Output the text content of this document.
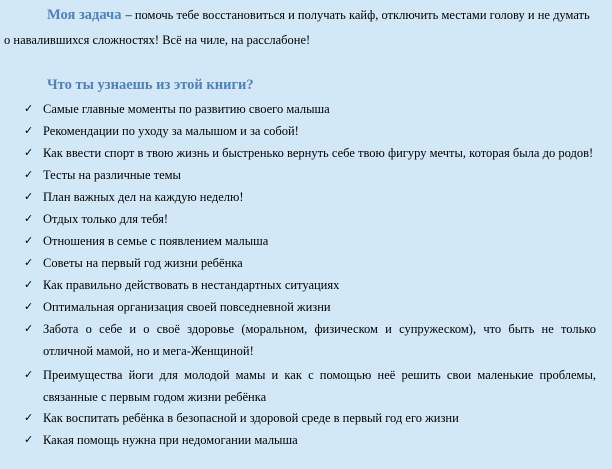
Моя задача – помочь тебе восстановиться и получать кайф, отключить местами голову и не думать
о навалившихся сложностях! Всё на чиле, на расслабоне!
Что ты узнаешь из этой книги?
✓
Самые главные моменты по развитию своего малыша
✓
Рекомендации по уходу за малышом и за собой!
✓
Как ввести спорт в твою жизнь и быстренько вернуть себе твою фигуру мечты, которая была до родов!
✓
Тесты на различные темы
✓
План важных дел на каждую неделю!
✓
Отдых только для тебя!
✓
Отношения в семье с появлением малыша
✓
Советы на первый год жизни ребёнка
✓
Как правильно действовать в нестандартных ситуациях
✓
Оптимальная организация своей повседневной жизни
✓
Забота о себе и о своё здоровье (моральном, физическом и супружеском), что быть не только
отличной мамой, но и мега-Женщиной!
✓
Преимущества йоги для молодой мамы и как с помощью неё решить свои маленькие проблемы,
связанные с первым годом жизни ребёнка
✓
Как воспитать ребёнка в безопасной и здоровой среде в первый год его жизни
✓
Какая помощь нужна при недомогании малыша
